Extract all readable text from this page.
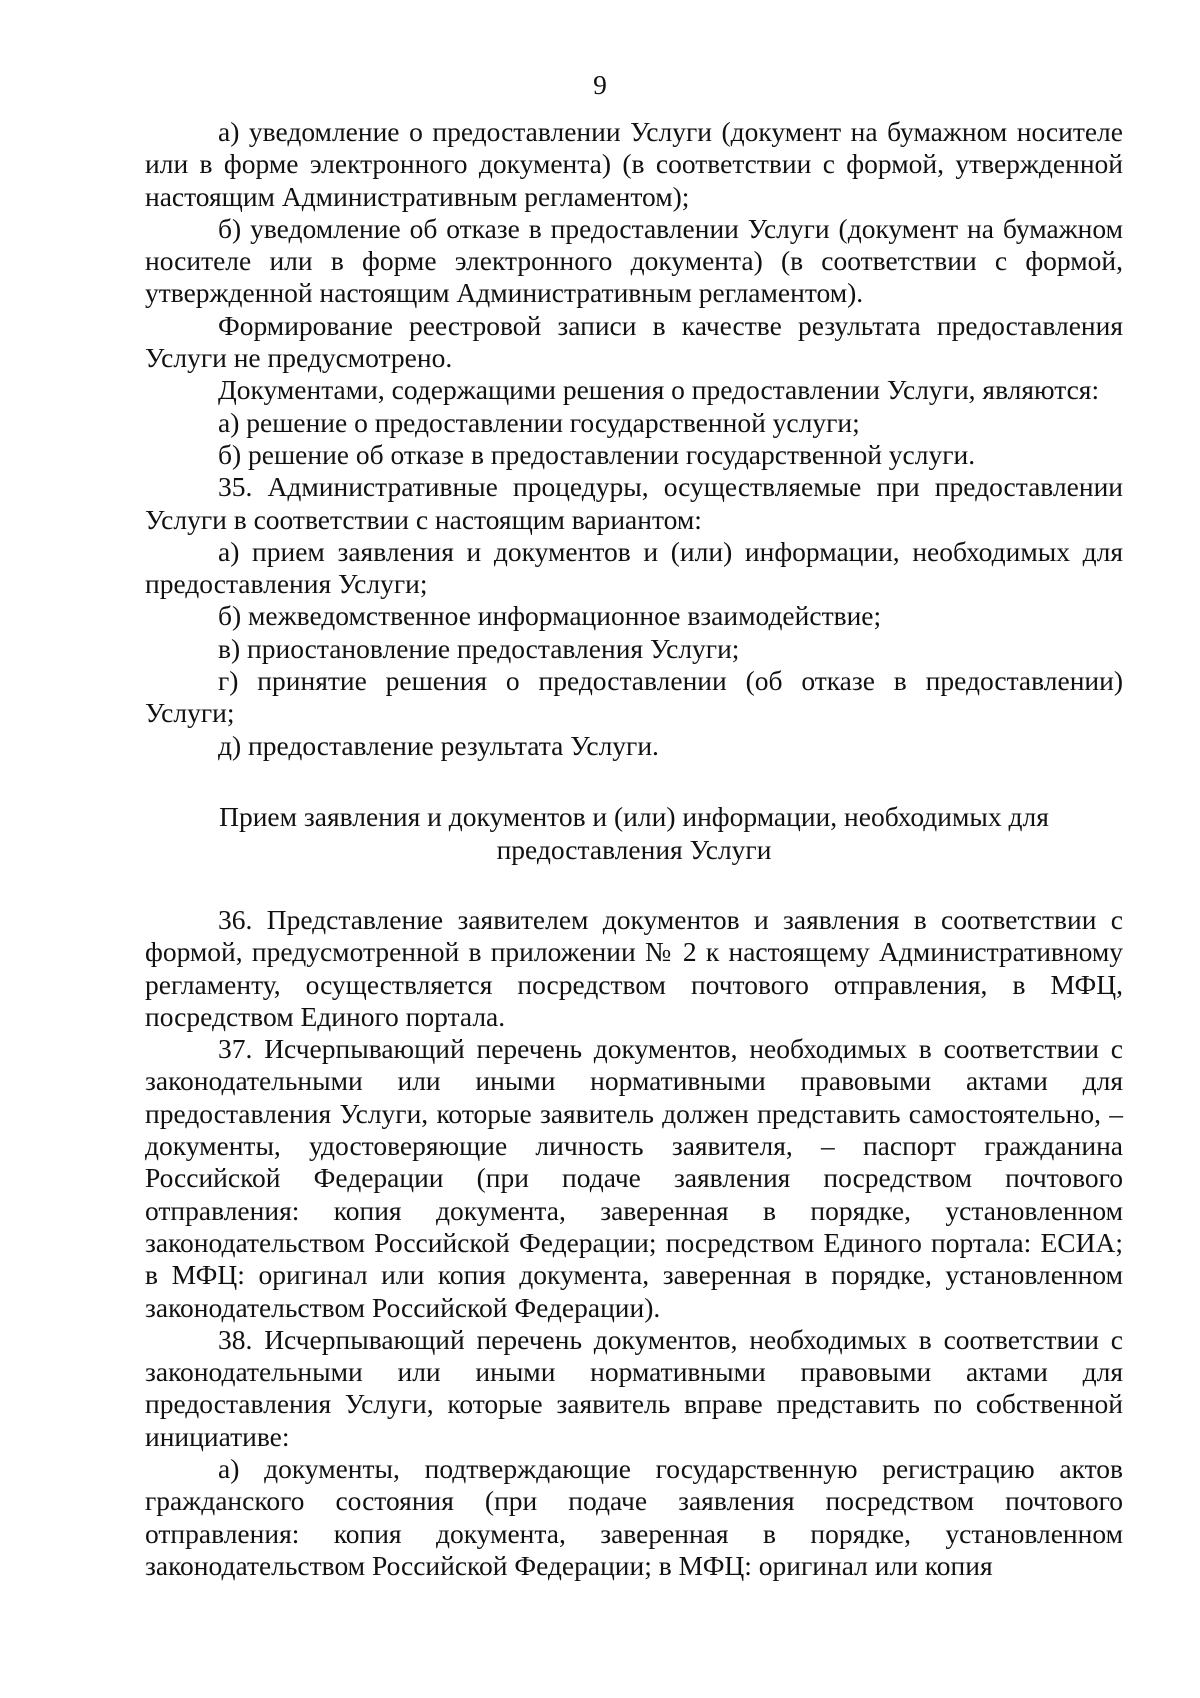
9

а) уведомление о предоставлении Услуги (документ на бумажном носителе или в форме электронного документа) (в соответствии с формой, утвержденной настоящим Административным регламентом);

б) уведомление об отказе в предоставлении Услуги (документ на бумажном носителе или в форме электронного документа) (в соответствии с формой, утвержденной настоящим Административным регламентом).

Формирование реестровой записи в качестве результата предоставления Услуги не предусмотрено.

Документами, содержащими решения о предоставлении Услуги, являются:

а) решение о предоставлении государственной услуги;

б) решение об отказе в предоставлении государственной услуги.

35. Административные процедуры, осуществляемые при предоставлении Услуги в соответствии с настоящим вариантом:

а) прием заявления и документов и (или) информации, необходимых для предоставления Услуги;

б) межведомственное информационное взаимодействие;

в) приостановление предоставления Услуги;

г) принятие решения о предоставлении (об отказе в предоставлении) Услуги;

д) предоставление результата Услуги.

Прием заявления и документов и (или) информации, необходимых для предоставления Услуги

36. Представление заявителем документов и заявления в соответствии с формой, предусмотренной в приложении № 2 к настоящему Административному регламенту, осуществляется посредством почтового отправления, в МФЦ, посредством Единого портала.

37. Исчерпывающий перечень документов, необходимых в соответствии с законодательными или иными нормативными правовыми актами для предоставления Услуги, которые заявитель должен представить самостоятельно, – документы, удостоверяющие личность заявителя, – паспорт гражданина Российской Федерации (при подаче заявления посредством почтового отправления: копия документа, заверенная в порядке, установленном законодательством Российской Федерации; посредством Единого портала: ЕСИА; в МФЦ: оригинал или копия документа, заверенная в порядке, установленном законодательством Российской Федерации).

38. Исчерпывающий перечень документов, необходимых в соответствии с законодательными или иными нормативными правовыми актами для предоставления Услуги, которые заявитель вправе представить по собственной инициативе:

а) документы, подтверждающие государственную регистрацию актов гражданского состояния (при подаче заявления посредством почтового отправления: копия документа, заверенная в порядке, установленном законодательством Российской Федерации; в МФЦ: оригинал или копия
